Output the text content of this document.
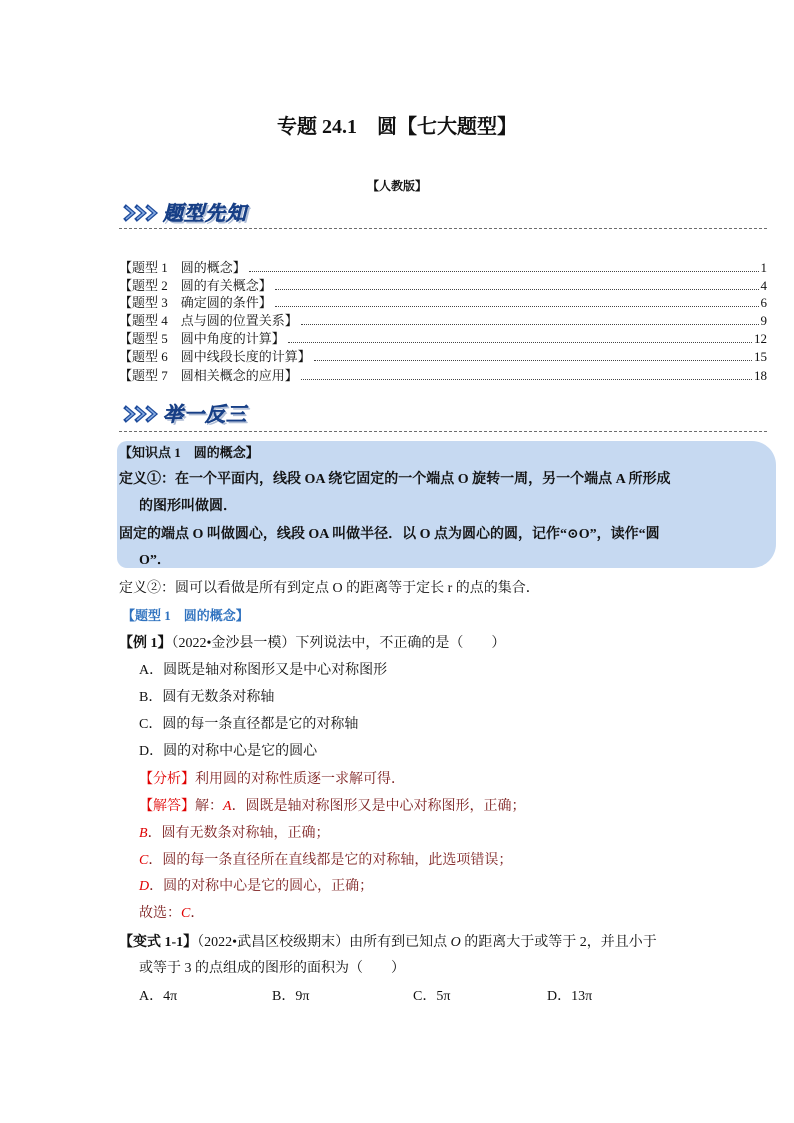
专题 24.1　圆【七大题型】
【人教版】
题型先知
【题型 1　圆的概念】	1
【题型 2　圆的有关概念】	4
【题型 3　确定圆的条件】	6
【题型 4　点与圆的位置关系】	9
【题型 5　圆中角度的计算】	12
【题型 6　圆中线段长度的计算】	15
【题型 7　圆相关概念的应用】	18
举一反三
【知识点 1　圆的概念】
定义①：在一个平面内，线段 OA 绕它固定的一个端点 O 旋转一周，另一个端点 A 所形成
的图形叫做圆．
固定的端点 O 叫做圆心，线段 OA 叫做半径．以 O 点为圆心的圆，记作“⊙O”，读作“圆
O”．
定义②：圆可以看做是所有到定点 O 的距离等于定长 r 的点的集合．
【题型 1　圆的概念】
【例 1】（2022•金沙县一模）下列说法中，不正确的是（　　）
A．圆既是轴对称图形又是中心对称图形
B．圆有无数条对称轴
C．圆的每一条直径都是它的对称轴
D．圆的对称中心是它的圆心
【分析】利用圆的对称性质逐一求解可得．
【解答】解：A．圆既是轴对称图形又是中心对称图形，正确；
B．圆有无数条对称轴，正确；
C．圆的每一条直径所在直线都是它的对称轴，此选项错误；
D．圆的对称中心是它的圆心，正确；
故选：C．
【变式 1-1】（2022•武昌区校级期末）由所有到已知点 O 的距离大于或等于 2，并且小于
或等于 3 的点组成的图形的面积为（　　）
A．4π	B．9π	C．5π	D．13π
